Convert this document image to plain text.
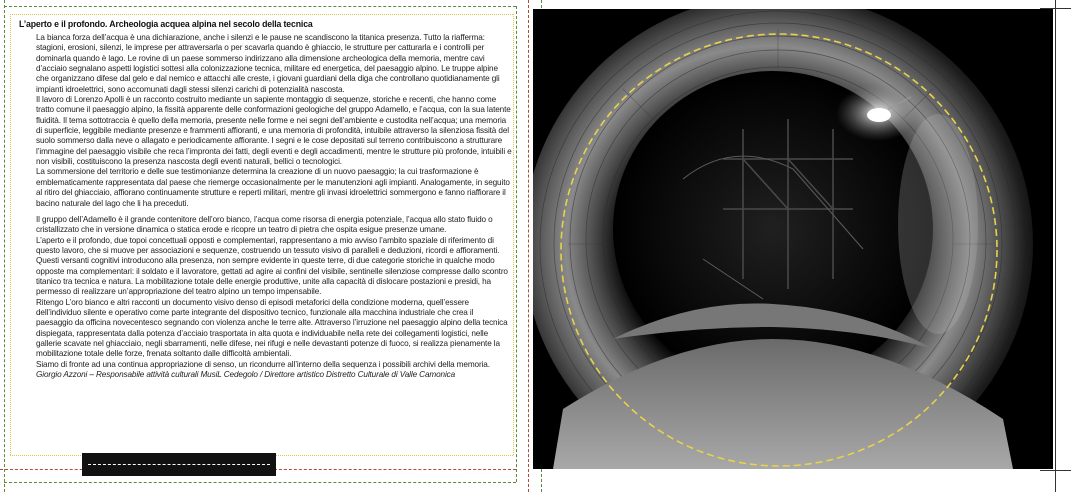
L’aperto e il profondo. Archeologia acquea alpina nel secolo della tecnica

La bianca forza dell’acqua è una dichiarazione, anche i silenzi e le pause ne scandiscono la titanica presenza. Tutto la riafferma: stagioni, erosioni, silenzi, le imprese per attraversarla o per scavarla quando è ghiaccio, le strutture per catturarla e i controlli per dominarla quando è lago. Le rovine di un paese sommerso indirizzano alla dimensione archeologica della memoria, mentre cavi d’acciaio segnalano aspetti logistici sottesi alla colonizzazione tecnica, militare ed energetica, del paesaggio alpino. Le truppe alpine che organizzano difese dal gelo e dal nemico e attacchi alle creste, i giovani guardiani della diga che controllano quotidianamente gli impianti idroelettrici, sono accomunati dagli stessi silenzi carichi di potenzialità nascosta.

Il lavoro di Lorenzo Apolli è un racconto costruito mediante un sapiente montaggio di sequenze, storiche e recenti, che hanno come tratto comune il paesaggio alpino, la fissità apparente delle conformazioni geologiche del gruppo Adamello, e l’acqua, con la sua latente fluidità. Il tema sottotraccia è quello della memoria, presente nelle forme e nei segni dell’ambiente e custodita nell’acqua; una memoria di superficie, leggibile mediante presenze e frammenti affioranti, e una memoria di profondità, intuibile attraverso la silenziosa fissità del suolo sommerso dalla neve o allagato e periodicamente affiorante. I segni e le cose depositati sul terreno contribuiscono a strutturare l’immagine del paesaggio visibile che reca l’impronta dei fatti, degli eventi e degli accadimenti, mentre le strutture più profonde, intuibili e non visibili, costituiscono la presenza nascosta degli eventi naturali, bellici o tecnologici.

La sommersione del territorio e delle sue testimonianze determina la creazione di un nuovo paesaggio; la cui trasformazione è emblematicamente rappresentata dal paese che riemerge occasionalmente per le manutenzioni agli impianti. Analogamente, in seguito al ritiro del ghiacciaio, affiorano continuamente strutture e reperti militari, mentre gli invasi idroelettrici sommergono e fanno riaffiorare il bacino naturale del lago che li ha preceduti.

Il gruppo dell’Adamello è il grande contenitore dell’oro bianco, l’acqua come risorsa di energia potenziale, l’acqua allo stato fluido o cristallizzato che in versione dinamica o statica erode e ricopre un teatro di pietra che ospita esigue presenze umane.

L’aperto e il profondo, due topoi concettuali opposti e complementari, rappresentano a mio avviso l’ambito spaziale di riferimento di questo lavoro, che si muove per associazioni e sequenze, costruendo un tessuto visivo di paralleli e deduzioni, ricordi e affioramenti. Questi versanti cognitivi introducono alla presenza, non sempre evidente in queste terre, di due categorie storiche in qualche modo opposte ma complementari: il soldato e il lavoratore, gettati ad agire ai confini del visibile, sentinelle silenziose compresse dallo scontro titanico tra tecnica e natura. La mobilitazione totale delle energie produttive, unite alla capacità di dislocare postazioni e presidi, ha permesso di realizzare un’appropriazione del teatro alpino un tempo impensabile.

Ritengo L’oro bianco e altri racconti un documento visivo denso di episodi metaforici della condizione moderna, quell’essere dell’individuo silente e operativo come parte integrante del dispositivo tecnico, funzionale alla macchina industriale che crea il paesaggio da officina novecentesco segnando con violenza anche le terre alte. Attraverso l’irruzione nel paesaggio alpino della tecnica dispiegata, rappresentata dalla potenza d’acciaio trasportata in alta quota e individuabile nella rete dei collegamenti logistici, nelle gallerie scavate nel ghiacciaio, negli sbarramenti, nelle difese, nei rifugi e nelle devastanti potenze di fuoco, si realizza pienamente la mobilitazione totale delle forze, frenata soltanto dalle difficoltà ambientali.

Siamo di fronte ad una continua appropriazione di senso, un ricondurre all’interno della sequenza i possibili archivi della memoria.

Giorgio Azzoni – Responsabile attività culturali MusiL Cedegolo / Direttore artistico Distretto Culturale di Valle Camonica
